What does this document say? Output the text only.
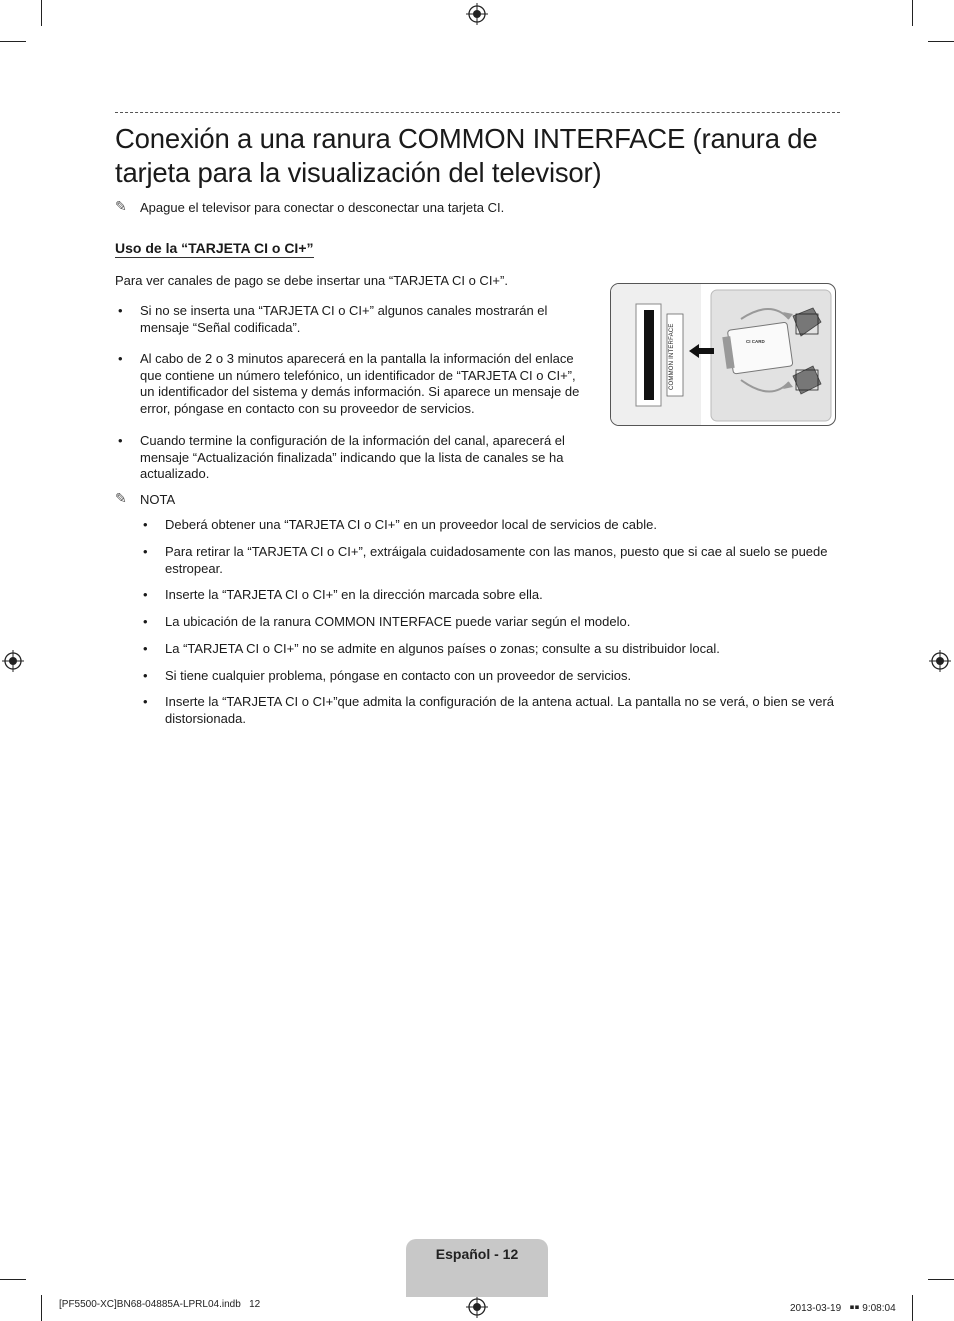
Conexión a una ranura COMMON INTERFACE (ranura de tarjeta para la visualización del televisor)
✎ Apague el televisor para conectar o desconectar una tarjeta CI.
Uso de la “TARJETA CI o CI+”
Para ver canales de pago se debe insertar una “TARJETA CI o CI+”.
• Si no se inserta una “TARJETA CI o CI+” algunos canales mostrarán el mensaje “Señal codificada”.
• Al cabo de 2 o 3 minutos aparecerá en la pantalla la información del enlace que contiene un número telefónico, un identificador de “TARJETA CI o CI+”, un identificador del sistema y demás información. Si aparece un mensaje de error, póngase en contacto con su proveedor de servicios.
• Cuando termine la configuración de la información del canal, aparecerá el mensaje “Actualización finalizada” indicando que la lista de canales se ha actualizado.
COMMON INTERFACE	CI CARD
✎ NOTA
• Deberá obtener una “TARJETA CI o CI+” en un proveedor local de servicios de cable.
• Para retirar la “TARJETA CI o CI+”, extráigala cuidadosamente con las manos, puesto que si cae al suelo se puede estropear.
• Inserte la “TARJETA CI o CI+” en la dirección marcada sobre ella.
• La ubicación de la ranura COMMON INTERFACE puede variar según el modelo.
• La “TARJETA CI o CI+” no se admite en algunos países o zonas; consulte a su distribuidor local.
• Si tiene cualquier problema, póngase en contacto con un proveedor de servicios.
• Inserte la “TARJETA CI o CI+”que admita la configuración de la antena actual. La pantalla no se verá, o bien se verá distorsionada.
Español - 12
[PF5500-XC]BN68-04885A-LPRL04.indb   12	2013-03-19   ￭￭ 9:08:04
